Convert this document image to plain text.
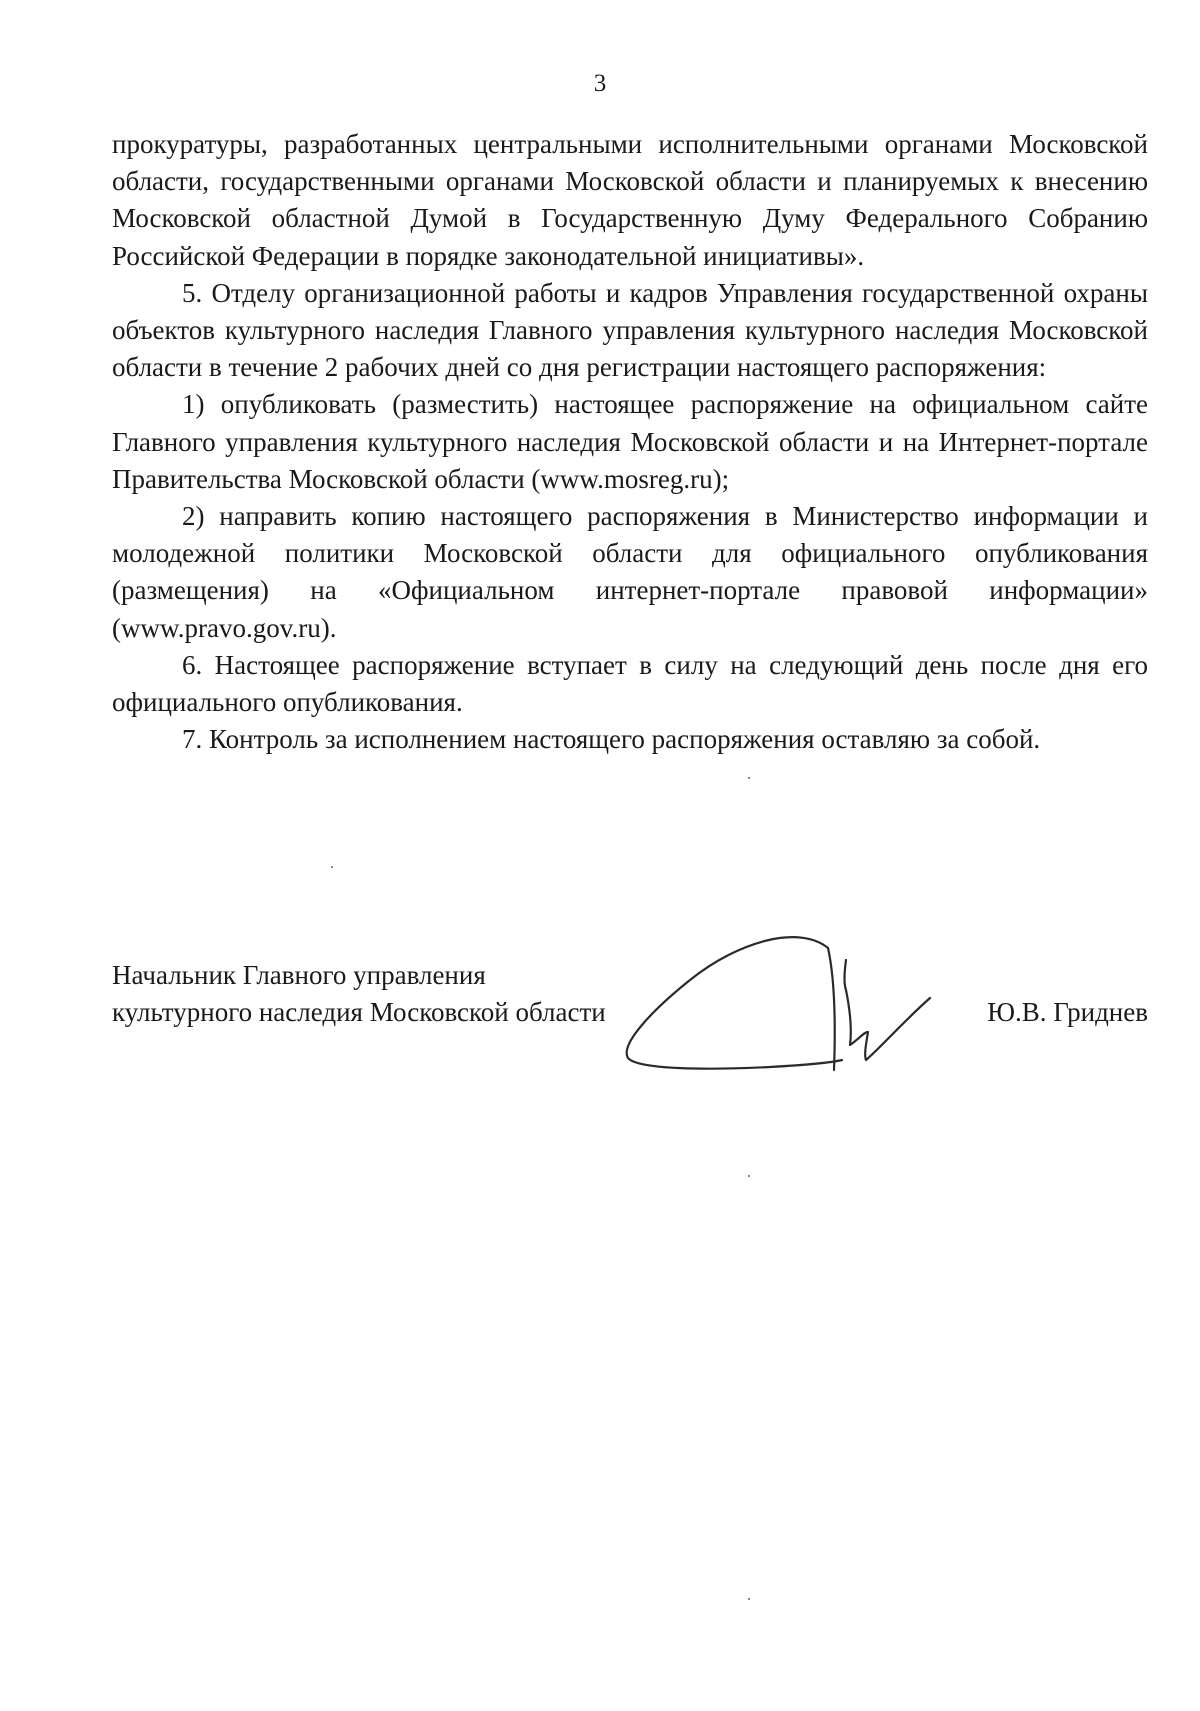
3

прокуратуры, разработанных центральными исполнительными органами Московской области, государственными органами Московской области и планируемых к внесению Московской областной Думой в Государственную Думу Федерального Собранию Российской Федерации в порядке законодательной инициативы».

5. Отделу организационной работы и кадров Управления государственной охраны объектов культурного наследия Главного управления культурного наследия Московской области в течение 2 рабочих дней со дня регистрации настоящего распоряжения:

1) опубликовать (разместить) настоящее распоряжение на официальном сайте Главного управления культурного наследия Московской области и на Интернет-портале Правительства Московской области (www.mosreg.ru);

2) направить копию настоящего распоряжения в Министерство информации и молодежной политики Московской области для официального опубликования (размещения) на «Официальном интернет-портале правовой информации» (www.pravo.gov.ru).

6. Настоящее распоряжение вступает в силу на следующий день после дня его официального опубликования.

7. Контроль за исполнением настоящего распоряжения оставляю за собой.

Начальник Главного управления
культурного наследия Московской области	Ю.В. Гриднев
